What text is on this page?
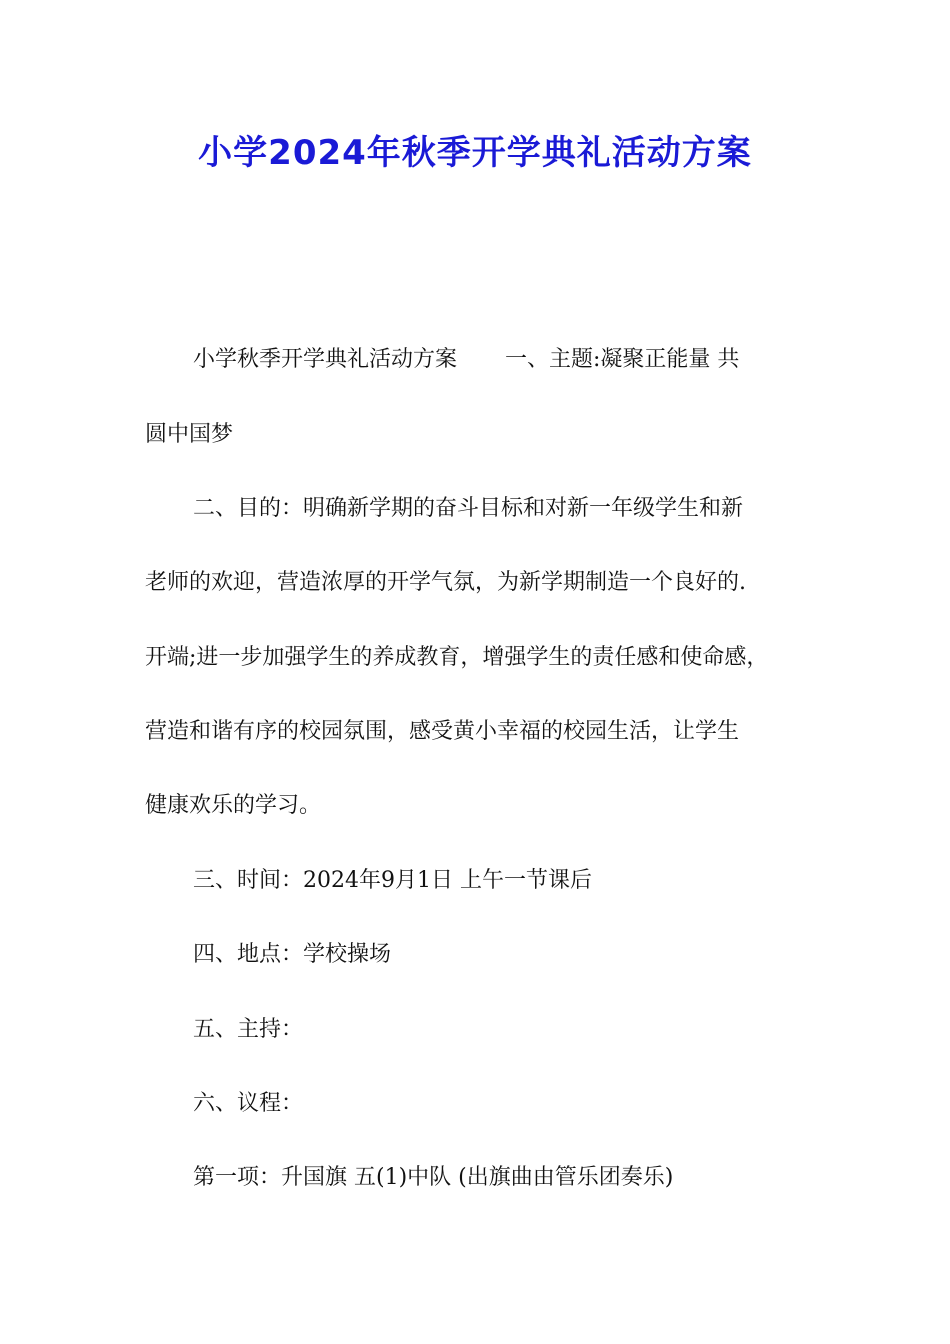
小学2024年秋季开学典礼活动方案

小学秋季开学典礼活动方案 一、主题:凝聚正能量 共

圆中国梦

二、目的：明确新学期的奋斗目标和对新一年级学生和新

老师的欢迎，营造浓厚的开学气氛，为新学期制造一个良好的.

开端;进一步加强学生的养成教育，增强学生的责任感和使命感，

营造和谐有序的校园氛围，感受黄小幸福的校园生活，让学生

健康欢乐的学习。

三、时间：2024年9月1日 上午一节课后

四、地点：学校操场

五、主持：

六、议程：

第一项：升国旗 五(1)中队 (出旗曲由管乐团奏乐)
